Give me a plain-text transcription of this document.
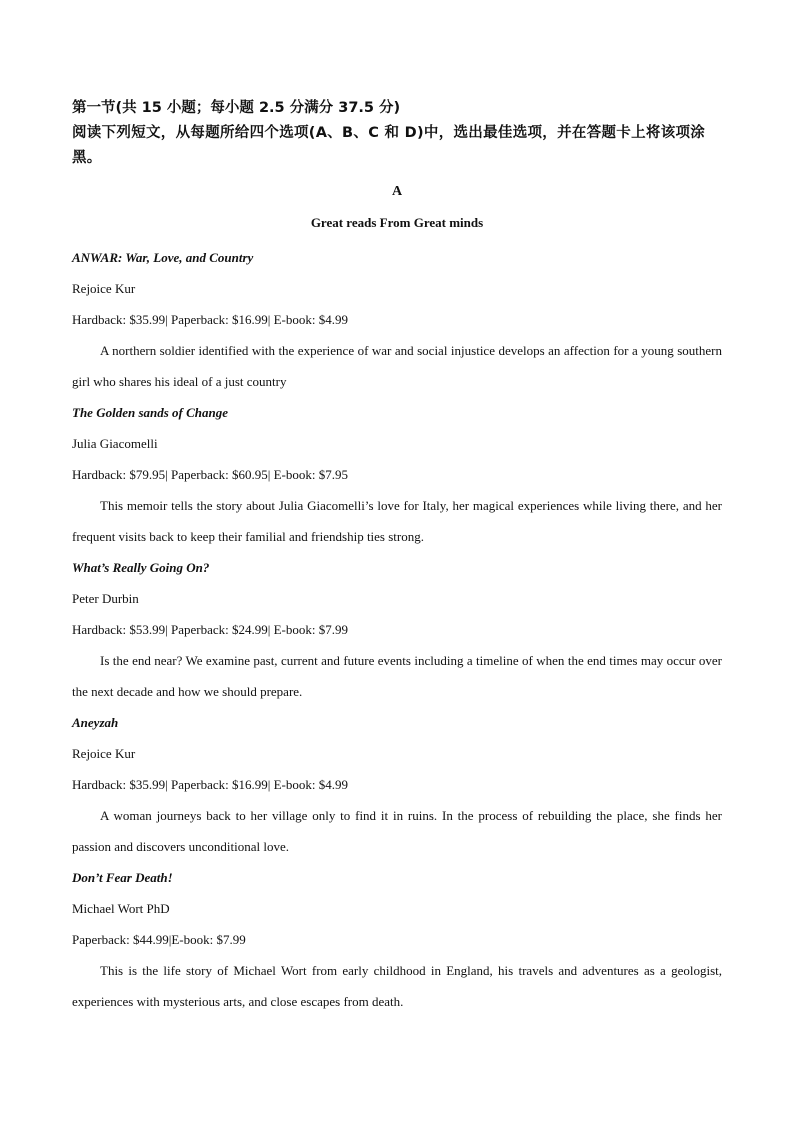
第一节(共 15 小题；每小题 2.5 分满分 37.5 分)

阅读下列短文，从每题所给四个选项(A、B、C 和 D)中，选出最佳选项，并在答题卡上将该项涂黑。

A
Great reads From Great minds

ANWAR: War, Love, and Country

Rejoice Kur

Hardback: $35.99| Paperback: $16.99| E-book: $4.99

A northern soldier identified with the experience of war and social injustice develops an affection for a young southern girl who shares his ideal of a just country

The Golden sands of Change

Julia Giacomelli

Hardback: $79.95| Paperback: $60.95| E-book: $7.95

This memoir tells the story about Julia Giacomelli’s love for Italy, her magical experiences while living there, and her frequent visits back to keep their familial and friendship ties strong.

What’s Really Going On?

Peter Durbin

Hardback: $53.99| Paperback: $24.99| E-book: $7.99

Is the end near? We examine past, current and future events including a timeline of when the end times may occur over the next decade and how we should prepare.

Aneyzah

Rejoice Kur

Hardback: $35.99| Paperback: $16.99| E-book: $4.99

A woman journeys back to her village only to find it in ruins. In the process of rebuilding the place, she finds her passion and discovers unconditional love.

Don’t Fear Death!

Michael Wort PhD

Paperback: $44.99|E-book: $7.99

This is the life story of Michael Wort from early childhood in England, his travels and adventures as a geologist, experiences with mysterious arts, and close escapes from death.
